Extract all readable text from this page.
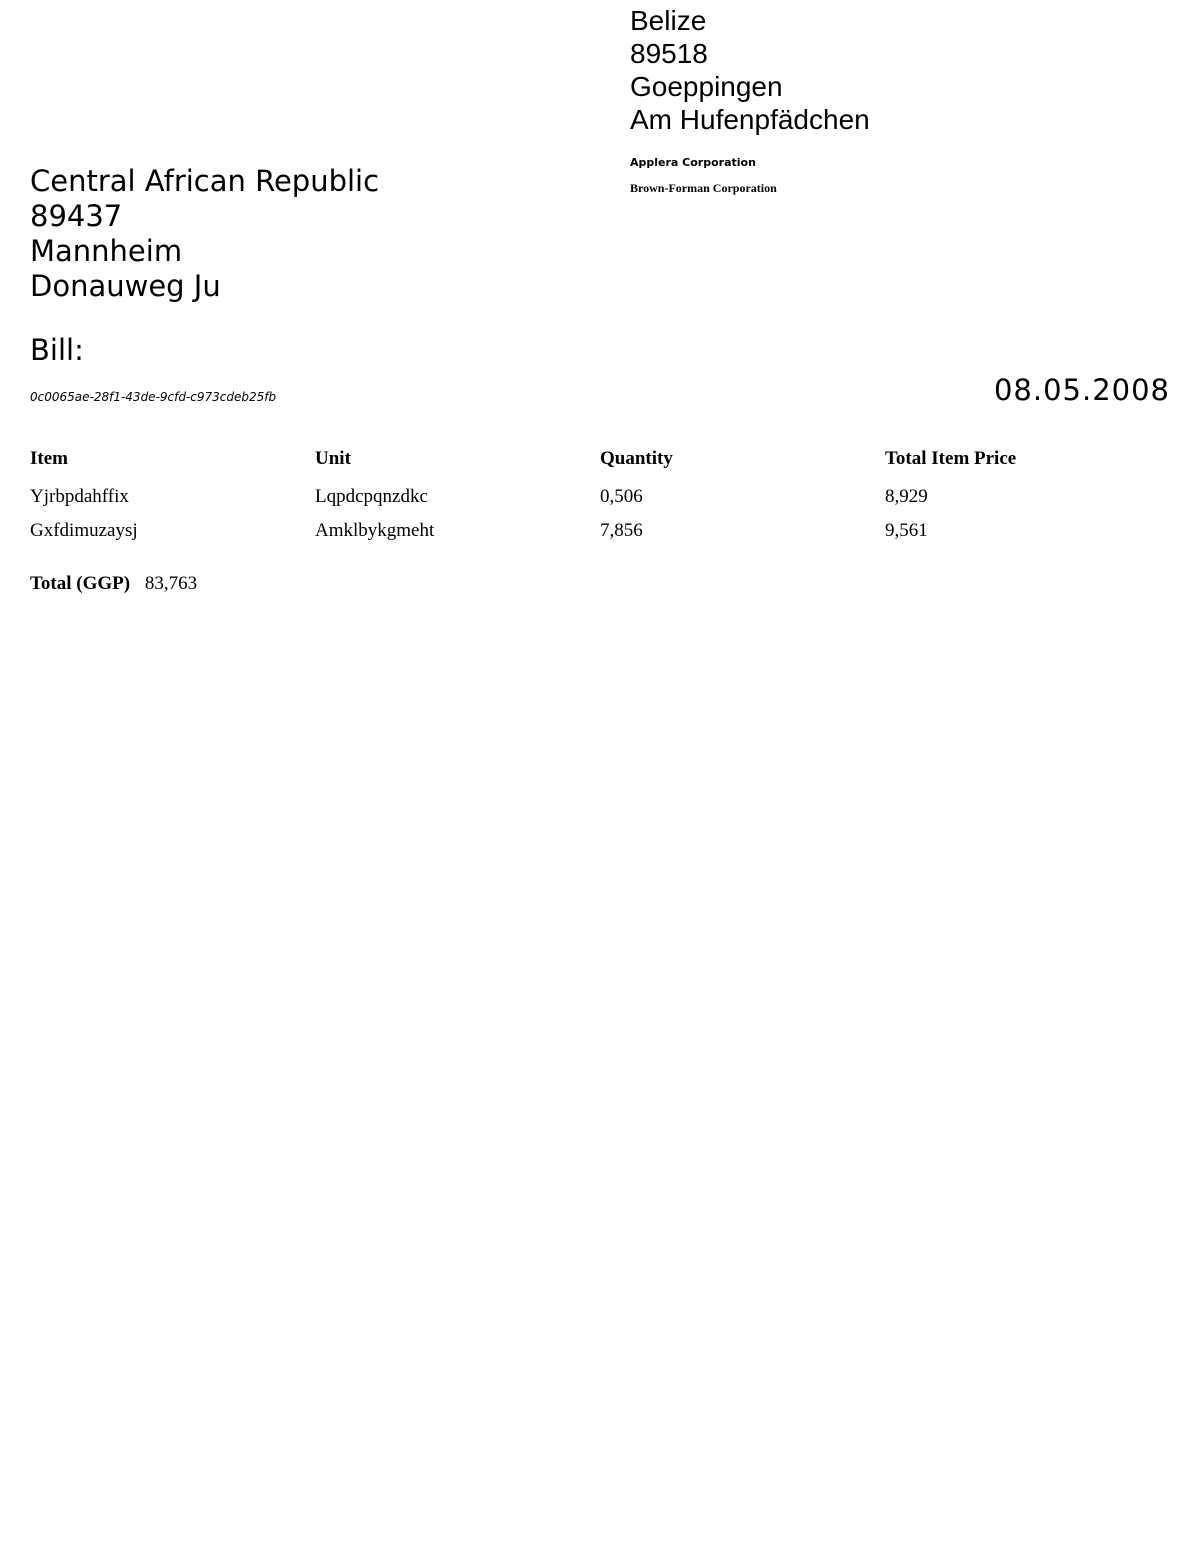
Belize
89518
Goeppingen
Am Hufenpfädchen
Applera Corporation
Brown-Forman Corporation
Central African Republic
89437
Mannheim
Donauweg Ju
Bill:
0c0065ae-28f1-43de-9cfd-c973cdeb25fb	08.05.2008
Item	Unit	Quantity	Total Item Price
Yjrbpdahffix	Lqpdcpqnzdkc	0,506	8,929
Gxfdimuzaysj	Amklbykgmeht	7,856	9,561
Total (GGP) 83,763
